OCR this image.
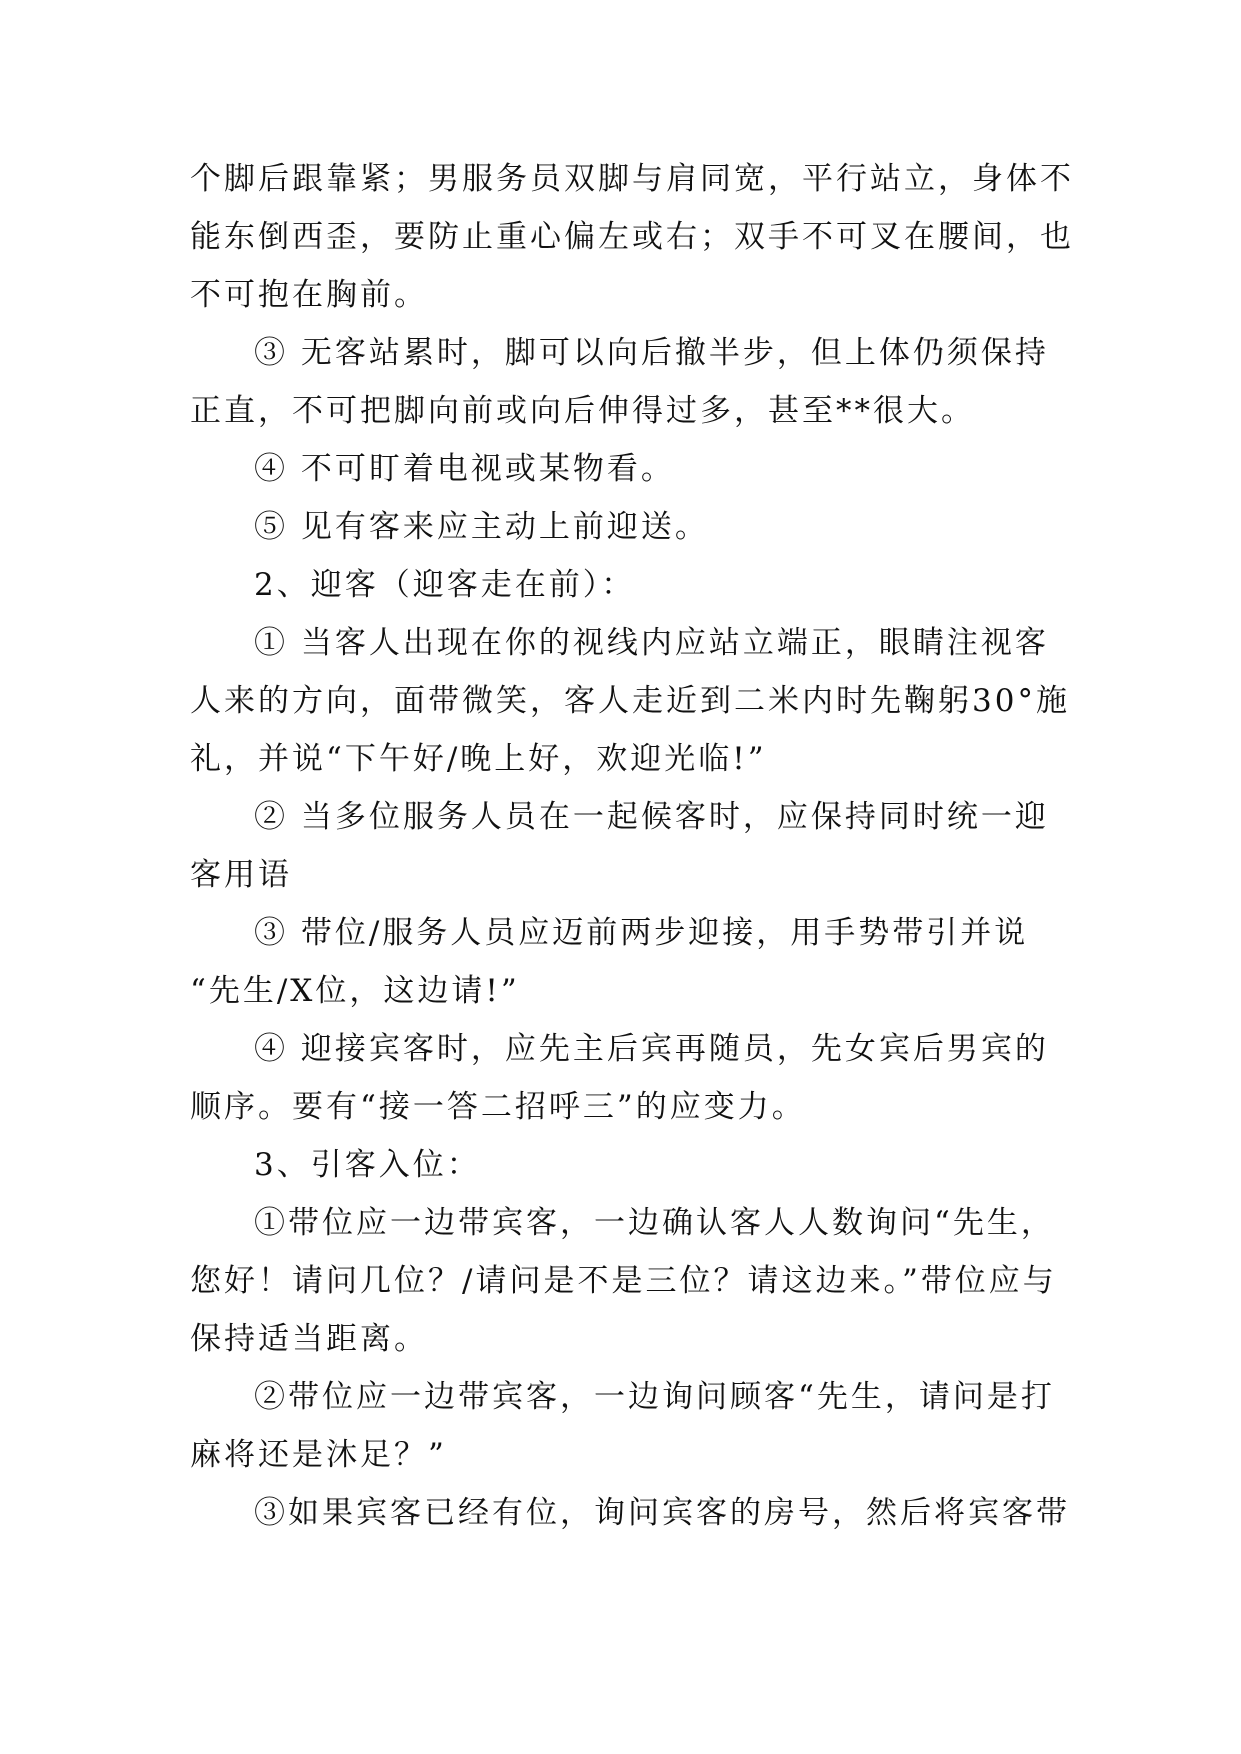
个脚后跟靠紧；男服务员双脚与肩同宽，平行站立，身体不
能东倒西歪，要防止重心偏左或右；双手不可叉在腰间，也
不可抱在胸前。
③ 无客站累时，脚可以向后撤半步，但上体仍须保持
正直，不可把脚向前或向后伸得过多，甚至**很大。
④ 不可盯着电视或某物看。
⑤ 见有客来应主动上前迎送。
2、迎客（迎客走在前）：
① 当客人出现在你的视线内应站立端正，眼睛注视客
人来的方向，面带微笑，客人走近到二米内时先鞠躬30°施
礼，并说“下午好/晚上好，欢迎光临!”
② 当多位服务人员在一起候客时，应保持同时统一迎
客用语
③ 带位/服务人员应迈前两步迎接，用手势带引并说
“先生/X位，这边请!”
④ 迎接宾客时，应先主后宾再随员，先女宾后男宾的
顺序。要有“接一答二招呼三”的应变力。
3、引客入位：
①带位应一边带宾客，一边确认客人人数询问“先生，
您好！请问几位？/请问是不是三位？请这边来。”带位应与
保持适当距离。
②带位应一边带宾客，一边询问顾客“先生，请问是打
麻将还是沐足？”
③如果宾客已经有位，询问宾客的房号，然后将宾客带
